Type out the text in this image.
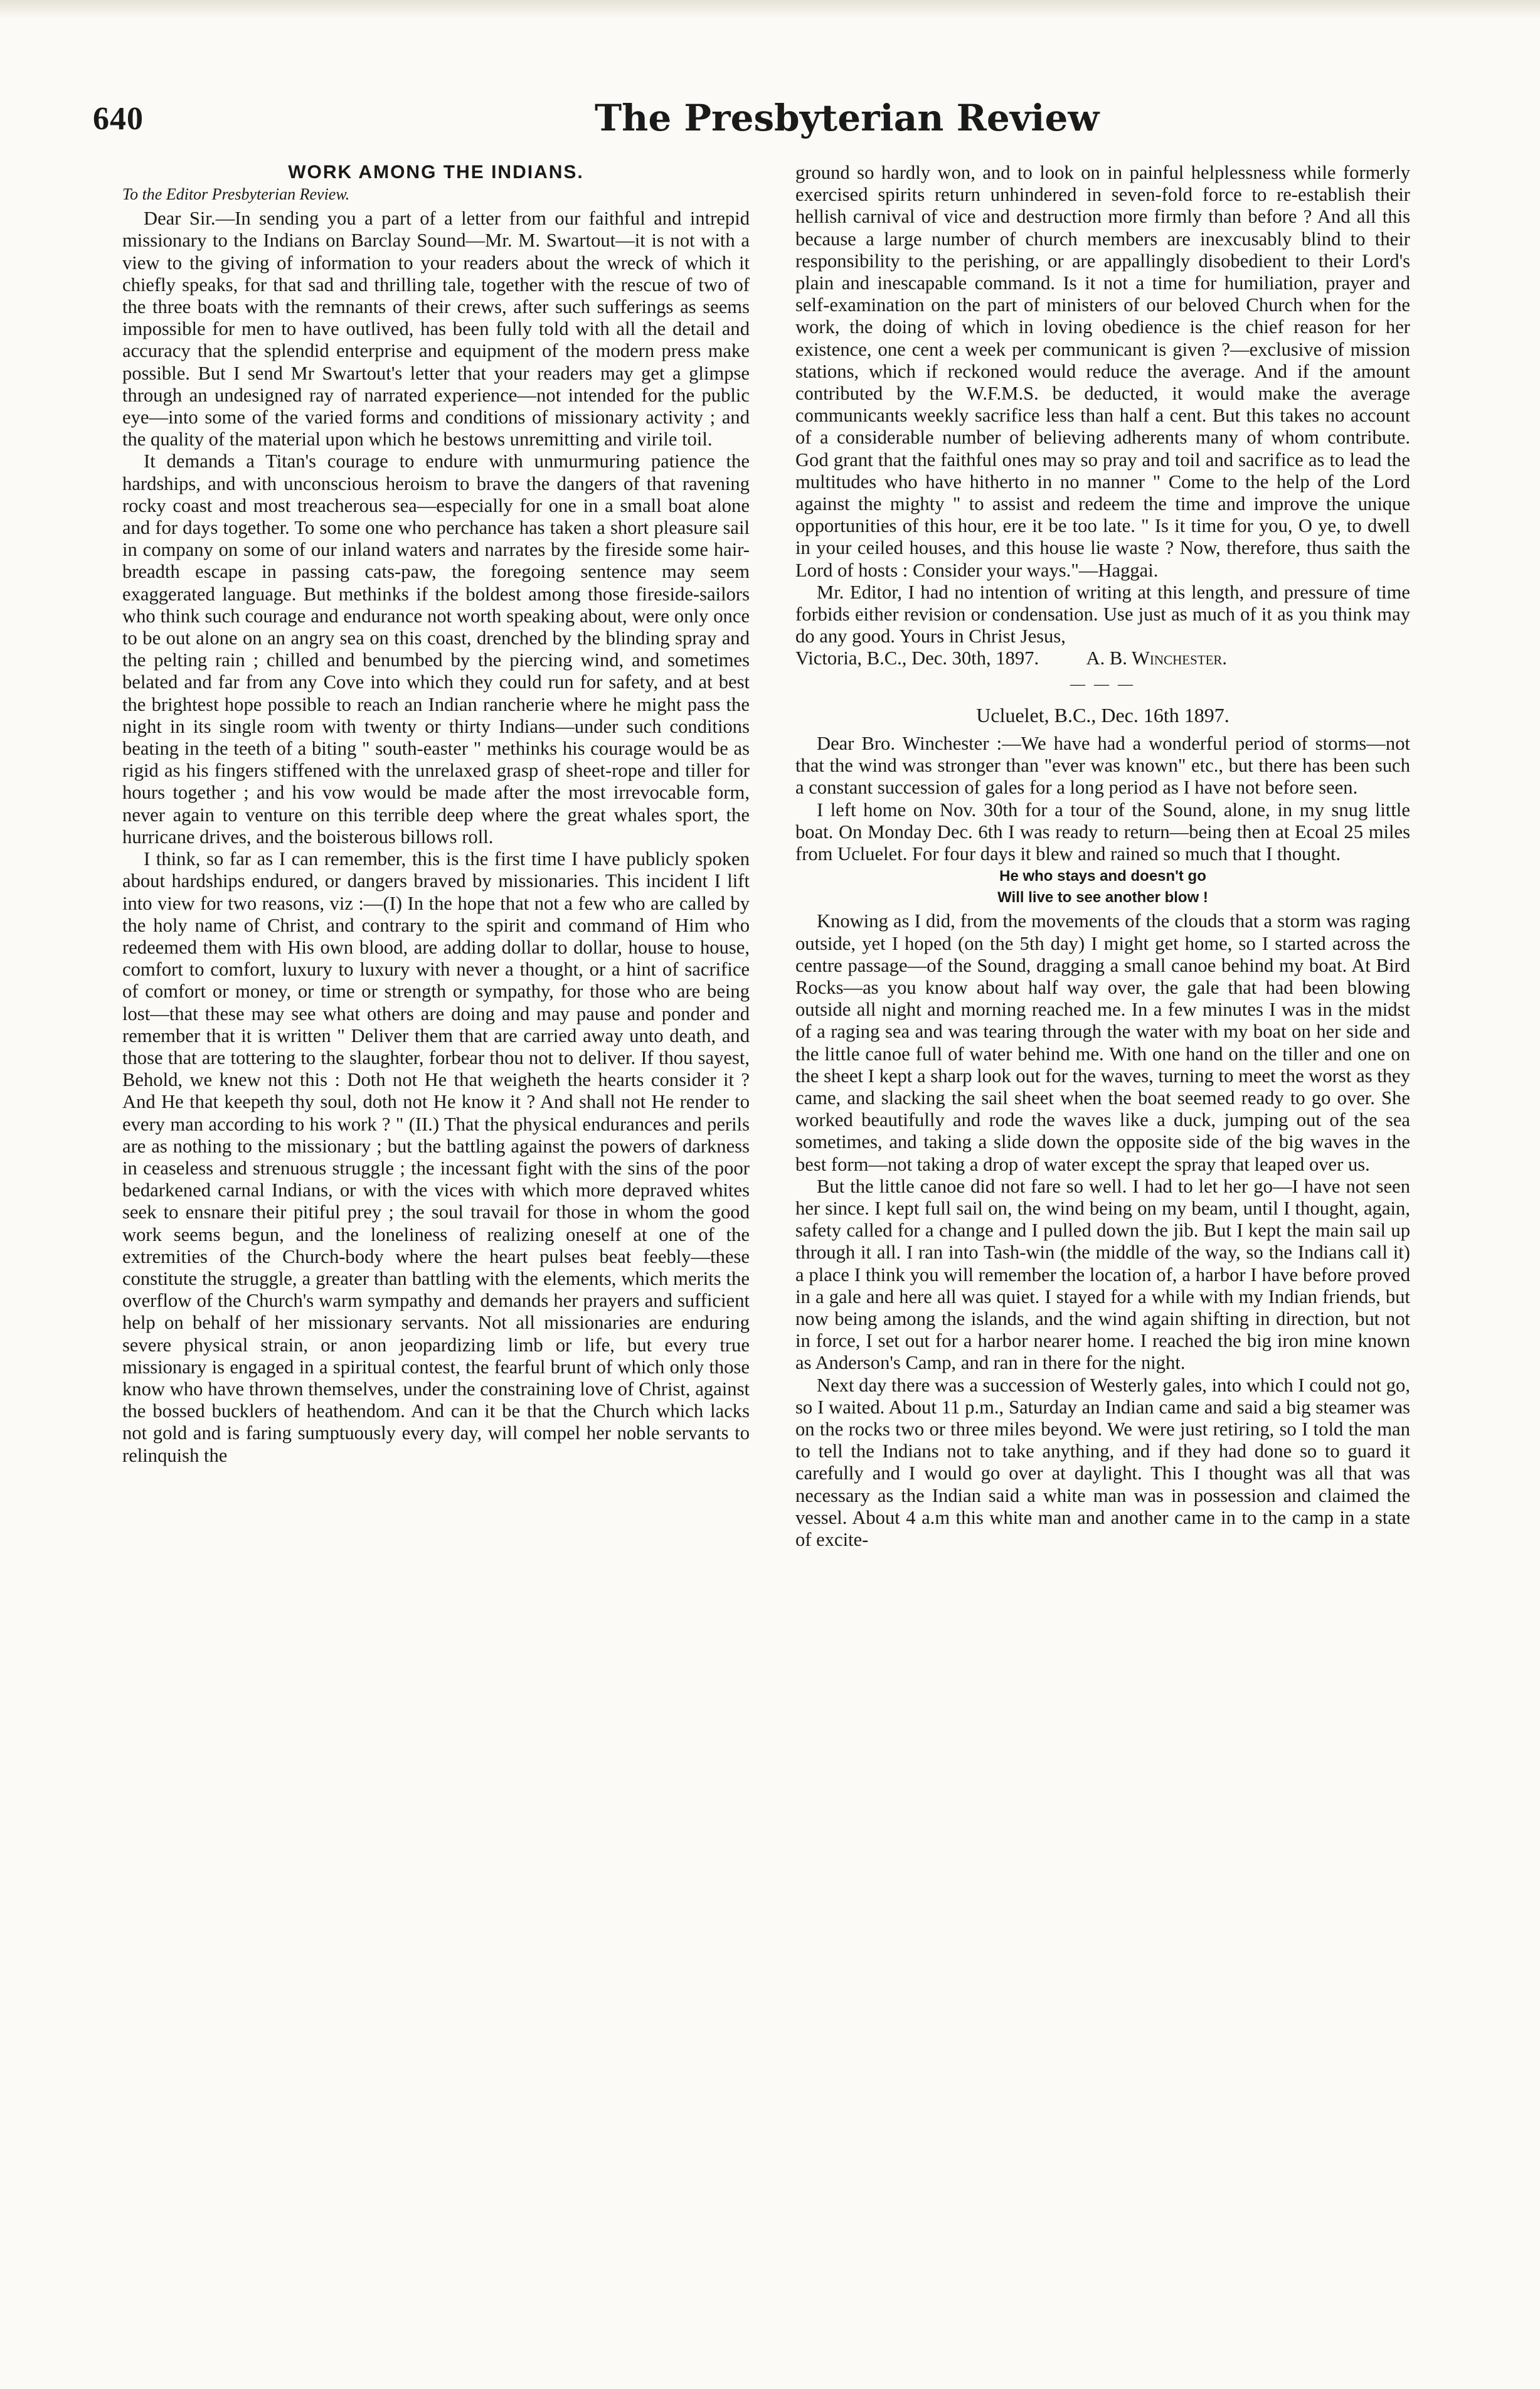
640	The Presbyterian Review
WORK AMONG THE INDIANS.
To the Editor Presbyterian Review.

Dear Sir.—In sending you a part of a letter from our faithful and intrepid missionary to the Indians on Barclay Sound—Mr. M. Swartout—it is not with a view to the giving of information to your readers about the wreck of which it chiefly speaks, for that sad and thrilling tale, together with the rescue of two of the three boats with the remnants of their crews, after such sufferings as seems impossible for men to have outlived, has been fully told with all the detail and accuracy that the splendid enterprise and equipment of the modern press make possible. But I send Mr Swartout's letter that your readers may get a glimpse through an undesigned ray of narrated experience—not intended for the public eye—into some of the varied forms and conditions of missionary activity ; and the quality of the material upon which he bestows unremitting and virile toil.

It demands a Titan's courage to endure with unmurmuring patience the hardships, and with unconscious heroism to brave the dangers of that ravening rocky coast and most treacherous sea—especially for one in a small boat alone and for days together. To some one who perchance has taken a short pleasure sail in company on some of our inland waters and narrates by the fireside some hair-breadth escape in passing cats-paw, the foregoing sentence may seem exaggerated language. But methinks if the boldest among those fireside-sailors who think such courage and endurance not worth speaking about, were only once to be out alone on an angry sea on this coast, drenched by the blinding spray and the pelting rain ; chilled and benumbed by the piercing wind, and sometimes belated and far from any Cove into which they could run for safety, and at best the brightest hope possible to reach an Indian rancherie where he might pass the night in its single room with twenty or thirty Indians—under such conditions beating in the teeth of a biting " south-easter " methinks his courage would be as rigid as his fingers stiffened with the unrelaxed grasp of sheet-rope and tiller for hours together ; and his vow would be made after the most irrevocable form, never again to venture on this terrible deep where the great whales sport, the hurricane drives, and the boisterous billows roll.

I think, so far as I can remember, this is the first time I have publicly spoken about hardships endured, or dangers braved by missionaries. This incident I lift into view for two reasons, viz :—(I) In the hope that not a few who are called by the holy name of Christ, and contrary to the spirit and command of Him who redeemed them with His own blood, are adding dollar to dollar, house to house, comfort to comfort, luxury to luxury with never a thought, or a hint of sacrifice of comfort or money, or time or strength or sympathy, for those who are being lost—that these may see what others are doing and may pause and ponder and remember that it is written " Deliver them that are carried away unto death, and those that are tottering to the slaughter, forbear thou not to deliver. If thou sayest, Behold, we knew not this : Doth not He that weigheth the hearts consider it ? And He that keepeth thy soul, doth not He know it ? And shall not He render to every man according to his work ? " (II.) That the physical endurances and perils are as nothing to the missionary ; but the battling against the powers of darkness in ceaseless and strenuous struggle ; the incessant fight with the sins of the poor bedarkened carnal Indians, or with the vices with which more depraved whites seek to ensnare their pitiful prey ; the soul travail for those in whom the good work seems begun, and the loneliness of realizing oneself at one of the extremities of the Church-body where the heart pulses beat feebly—these constitute the struggle, a greater than battling with the elements, which merits the overflow of the Church's warm sympathy and demands her prayers and sufficient help on behalf of her missionary servants. Not all missionaries are enduring severe physical strain, or anon jeopardizing limb or life, but every true missionary is engaged in a spiritual contest, the fearful brunt of which only those know who have thrown themselves, under the constraining love of Christ, against the bossed bucklers of heathendom. And can it be that the Church which lacks not gold and is faring sumptuously every day, will compel her noble servants to relinquish the

ground so hardly won, and to look on in painful helplessness while formerly exercised spirits return unhindered in seven-fold force to re-establish their hellish carnival of vice and destruction more firmly than before ? And all this because a large number of church members are inexcusably blind to their responsibility to the perishing, or are appallingly disobedient to their Lord's plain and inescapable command. Is it not a time for humiliation, prayer and self-examination on the part of ministers of our beloved Church when for the work, the doing of which in loving obedience is the chief reason for her existence, one cent a week per communicant is given ?—exclusive of mission stations, which if reckoned would reduce the average. And if the amount contributed by the W.F.M.S. be deducted, it would make the average communicants weekly sacrifice less than half a cent. But this takes no account of a considerable number of believing adherents many of whom contribute. God grant that the faithful ones may so pray and toil and sacrifice as to lead the multitudes who have hitherto in no manner " Come to the help of the Lord against the mighty " to assist and redeem the time and improve the unique opportunities of this hour, ere it be too late. " Is it time for you, O ye, to dwell in your ceiled houses, and this house lie waste ? Now, therefore, thus saith the Lord of hosts : Consider your ways."—Haggai.

Mr. Editor, I had no intention of writing at this length, and pressure of time forbids either revision or condensation. Use just as much of it as you think may do any good. Yours in Christ Jesus,

Victoria, B.C., Dec. 30th, 1897. A. B. Winchester.

— — —

Ucluelet, B.C., Dec. 16th 1897.

Dear Bro. Winchester :—We have had a wonderful period of storms—not that the wind was stronger than "ever was known" etc., but there has been such a constant succession of gales for a long period as I have not before seen.

I left home on Nov. 30th for a tour of the Sound, alone, in my snug little boat. On Monday Dec. 6th I was ready to return—being then at Ecoal 25 miles from Ucluelet. For four days it blew and rained so much that I thought.

He who stays and doesn't go

Will live to see another blow !

Knowing as I did, from the movements of the clouds that a storm was raging outside, yet I hoped (on the 5th day) I might get home, so I started across the centre passage—of the Sound, dragging a small canoe behind my boat. At Bird Rocks—as you know about half way over, the gale that had been blowing outside all night and morning reached me. In a few minutes I was in the midst of a raging sea and was tearing through the water with my boat on her side and the little canoe full of water behind me. With one hand on the tiller and one on the sheet I kept a sharp look out for the waves, turning to meet the worst as they came, and slacking the sail sheet when the boat seemed ready to go over. She worked beautifully and rode the waves like a duck, jumping out of the sea sometimes, and taking a slide down the opposite side of the big waves in the best form—not taking a drop of water except the spray that leaped over us.

But the little canoe did not fare so well. I had to let her go—I have not seen her since. I kept full sail on, the wind being on my beam, until I thought, again, safety called for a change and I pulled down the jib. But I kept the main sail up through it all. I ran into Tash-win (the middle of the way, so the Indians call it) a place I think you will remember the location of, a harbor I have before proved in a gale and here all was quiet. I stayed for a while with my Indian friends, but now being among the islands, and the wind again shifting in direction, but not in force, I set out for a harbor nearer home. I reached the big iron mine known as Anderson's Camp, and ran in there for the night.

Next day there was a succession of Westerly gales, into which I could not go, so I waited. About 11 p.m., Saturday an Indian came and said a big steamer was on the rocks two or three miles beyond. We were just retiring, so I told the man to tell the Indians not to take anything, and if they had done so to guard it carefully and I would go over at daylight. This I thought was all that was necessary as the Indian said a white man was in possession and claimed the vessel. About 4 a.m this white man and another came in to the camp in a state of excite-
